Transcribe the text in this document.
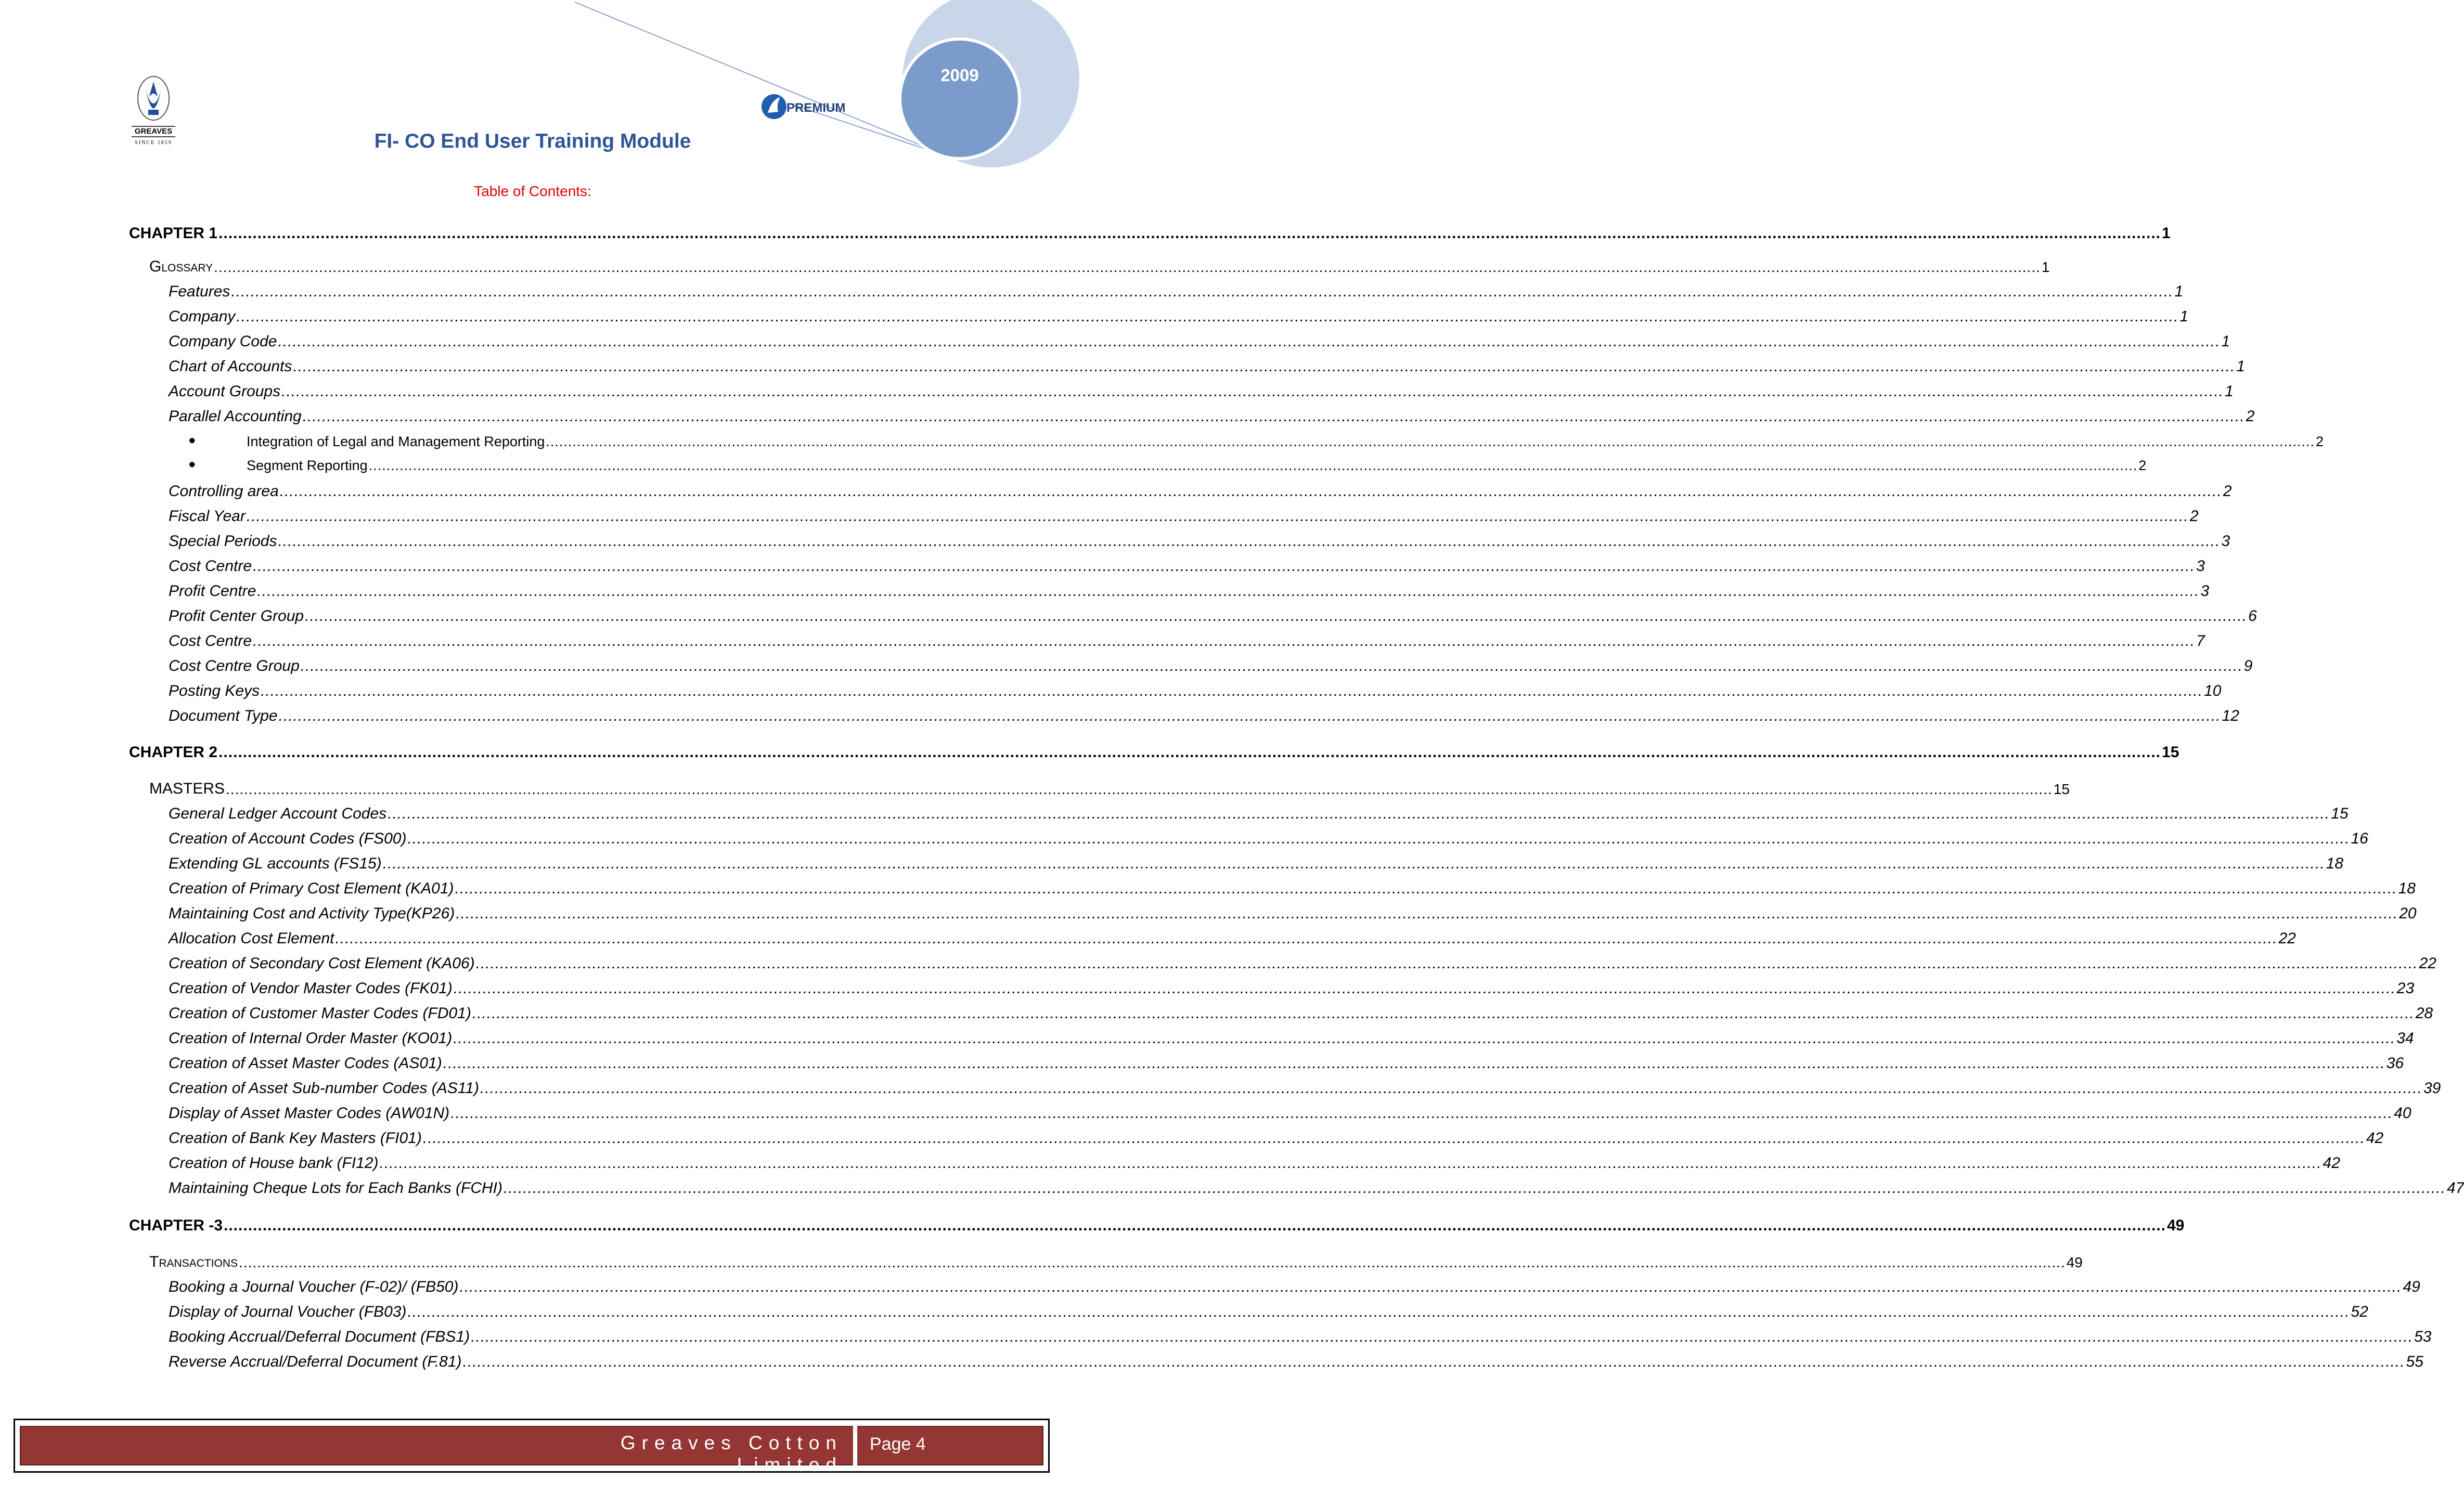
2009
GREAVES
SINCE 1859
PREMIUM
FI- CO End User Training Module
Table of Contents:
CHAPTER 1 ................................................................................................................................................................................................................................................................................................................................................................................................................ 1
GLOSSARY ................................................................................................................................................................................................................................................................................................................................................................................................................ 1
Features ................................................................................................................................................................................................................................................................................................................................................................................................................ 1
Company ................................................................................................................................................................................................................................................................................................................................................................................................................ 1
Company Code ................................................................................................................................................................................................................................................................................................................................................................................................................ 1
Chart of Accounts ................................................................................................................................................................................................................................................................................................................................................................................................................ 1
Account Groups ................................................................................................................................................................................................................................................................................................................................................................................................................ 1
Parallel Accounting ................................................................................................................................................................................................................................................................................................................................................................................................................ 2
●	Integration of Legal and Management Reporting ................................................................................................................................................................................................................................................................................................................................................................................................................ 2
●	Segment Reporting ................................................................................................................................................................................................................................................................................................................................................................................................................ 2
Controlling area ................................................................................................................................................................................................................................................................................................................................................................................................................ 2
Fiscal Year ................................................................................................................................................................................................................................................................................................................................................................................................................ 2
Special Periods ................................................................................................................................................................................................................................................................................................................................................................................................................ 3
Cost Centre ................................................................................................................................................................................................................................................................................................................................................................................................................ 3
Profit Centre ................................................................................................................................................................................................................................................................................................................................................................................................................ 3
Profit Center Group ................................................................................................................................................................................................................................................................................................................................................................................................................ 6
Cost Centre ................................................................................................................................................................................................................................................................................................................................................................................................................ 7
Cost Centre Group ................................................................................................................................................................................................................................................................................................................................................................................................................ 9
Posting Keys ................................................................................................................................................................................................................................................................................................................................................................................................................ 10
Document Type ................................................................................................................................................................................................................................................................................................................................................................................................................ 12
CHAPTER 2 ................................................................................................................................................................................................................................................................................................................................................................................................................ 15
MASTERS ................................................................................................................................................................................................................................................................................................................................................................................................................ 15
General Ledger Account Codes ................................................................................................................................................................................................................................................................................................................................................................................................................ 15
Creation of Account Codes (FS00) ................................................................................................................................................................................................................................................................................................................................................................................................................ 16
Extending GL accounts (FS15) ................................................................................................................................................................................................................................................................................................................................................................................................................ 18
Creation of Primary Cost Element (KA01) ................................................................................................................................................................................................................................................................................................................................................................................................................ 18
Maintaining Cost and Activity Type(KP26) ................................................................................................................................................................................................................................................................................................................................................................................................................ 20
Allocation Cost Element ................................................................................................................................................................................................................................................................................................................................................................................................................ 22
Creation of Secondary Cost Element (KA06) ................................................................................................................................................................................................................................................................................................................................................................................................................ 22
Creation of Vendor Master Codes (FK01) ................................................................................................................................................................................................................................................................................................................................................................................................................ 23
Creation of Customer Master Codes (FD01) ................................................................................................................................................................................................................................................................................................................................................................................................................ 28
Creation of Internal Order Master (KO01) ................................................................................................................................................................................................................................................................................................................................................................................................................ 34
Creation of Asset Master Codes (AS01) ................................................................................................................................................................................................................................................................................................................................................................................................................ 36
Creation of Asset Sub-number Codes (AS11) ................................................................................................................................................................................................................................................................................................................................................................................................................ 39
Display of Asset Master Codes (AW01N) ................................................................................................................................................................................................................................................................................................................................................................................................................ 40
Creation of Bank Key Masters (FI01) ................................................................................................................................................................................................................................................................................................................................................................................................................ 42
Creation of House bank (FI12) ................................................................................................................................................................................................................................................................................................................................................................................................................ 42
Maintaining Cheque Lots for Each Banks (FCHI) ................................................................................................................................................................................................................................................................................................................................................................................................................ 47
CHAPTER -3 ................................................................................................................................................................................................................................................................................................................................................................................................................ 49
TRANSACTIONS ................................................................................................................................................................................................................................................................................................................................................................................................................ 49
Booking a Journal Voucher (F-02)/ (FB50) ................................................................................................................................................................................................................................................................................................................................................................................................................ 49
Display of Journal Voucher (FB03) ................................................................................................................................................................................................................................................................................................................................................................................................................ 52
Booking Accrual/Deferral Document (FBS1) ................................................................................................................................................................................................................................................................................................................................................................................................................ 53
Reverse Accrual/Deferral Document (F.81) ................................................................................................................................................................................................................................................................................................................................................................................................................ 55
Greaves Cotton Limited
Page 4
